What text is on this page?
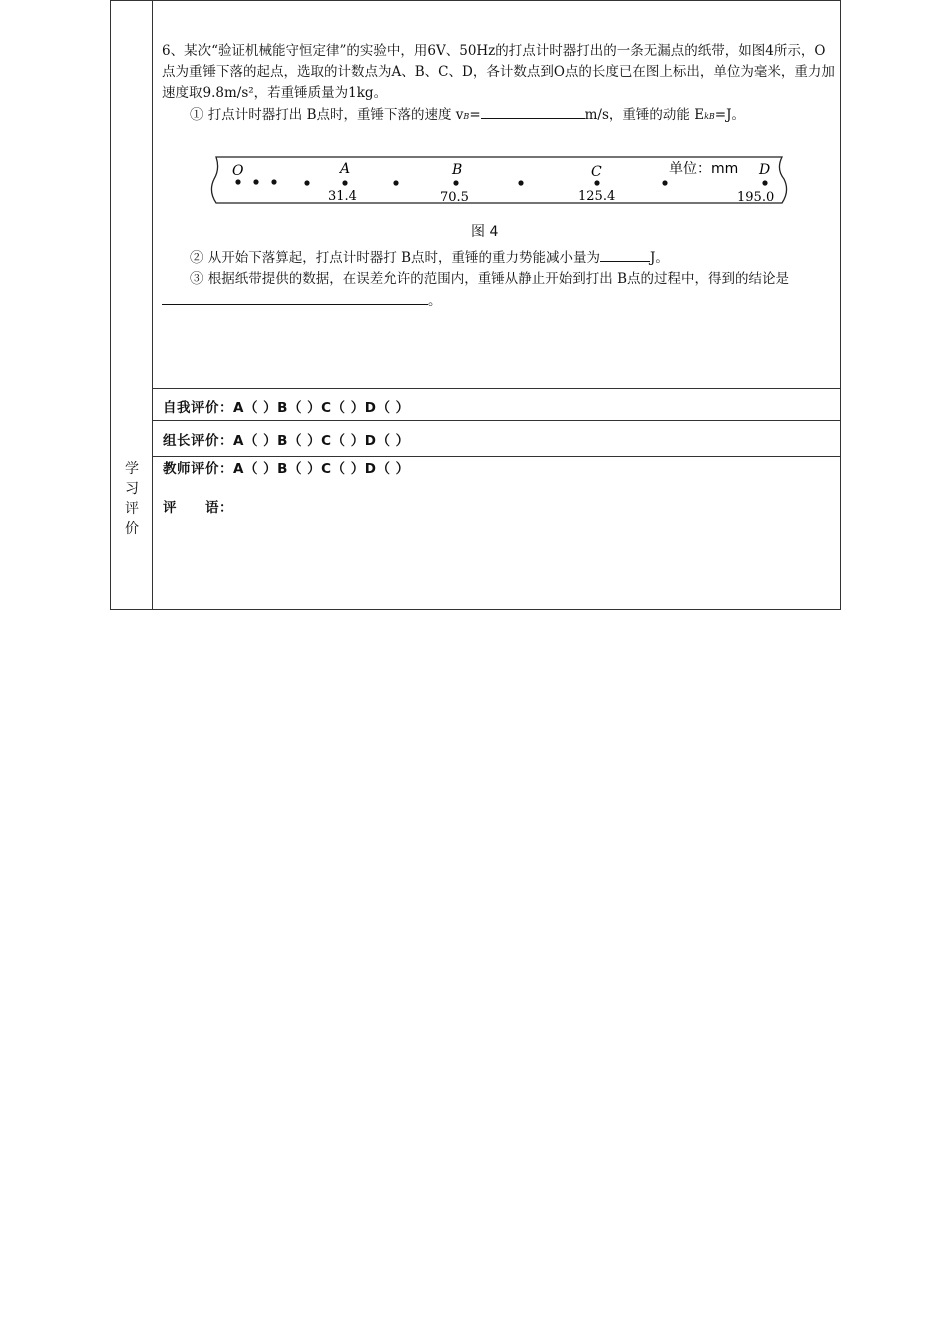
6、某次“验证机械能守恒定律”的实验中，用6V、50Hz的打点计时器打出的一条无漏点的纸带，如图4所示，O点为重锤下落的起点，选取的计数点为A、B、C、D，各计数点到O点的长度已在图上标出，单位为毫米，重力加速度取9.8m/s²，若重锤质量为1kg。

① 打点计时器打出 B点时，重锤下落的速度 vB=	m/s，重锤的动能 EkB=J。

O	A	B	C	D
单位：mm
31.4	70.5	125.4	195.0
图 4

② 从开始下落算起，打点计时器打 B点时，重锤的重力势能减小量为	J。

③ 根据纸带提供的数据，在误差允许的范围内，重锤从静止开始到打出 B点的过程中，得到的结论是 。

学
习
评
价
自我评价：A（ ）B（ ）C（ ）D（ ）
组长评价：A（ ）B（ ）C（ ）D（ ）
教师评价：A（ ）B（ ）C（ ）D（ ）
评　　语：
